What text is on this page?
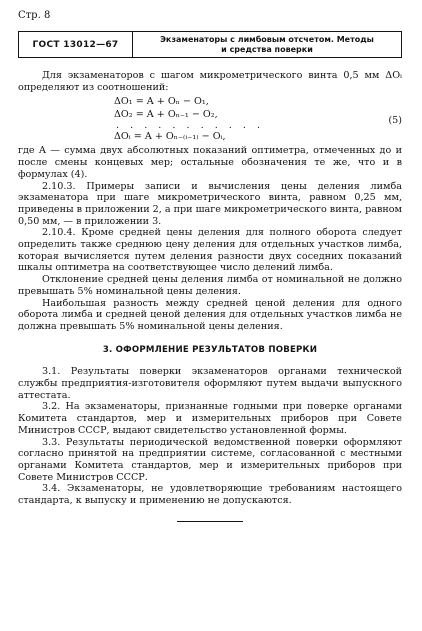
Стр. 8
ГОСТ 13012—67	Экзаменаторы с лимбовым отсчетом. Методы
и средства поверки

Для экзаменаторов с шагом микрометрического винта 0,5 мм ΔOᵢ определяют из соотношений:

ΔO₁ = A + Oₙ − O₁,
ΔO₂ = A + Oₙ₋₁ − O₂,
. . . . . . . . . . .
ΔOᵢ = A + Oₙ₋₍ᵢ₋₁₎ − Oᵢ,
(5)

где A — сумма двух абсолютных показаний оптиметра, отмеченных до и после смены концевых мер; остальные обозначения те же, что и в формулах (4).

2.10.3. Примеры записи и вычисления цены деления лимба экзаменатора при шаге микрометрического винта, равном 0,25 мм, приведены в приложении 2, а при шаге микрометрического винта, равном 0,50 мм, — в приложении 3.

2.10.4. Кроме средней цены деления для полного оборота следует определить также среднюю цену деления для отдельных участков лимба, которая вычисляется путем деления разности двух соседних показаний шкалы оптиметра на соответствующее число делений лимба.

Отклонение средней цены деления лимба от номинальной не должно превышать 5% номинальной цены деления.

Наибольшая разность между средней ценой деления для одного оборота лимба и средней ценой деления для отдельных участков лимба не должна превышать 5% номинальной цены деления.

3. ОФОРМЛЕНИЕ РЕЗУЛЬТАТОВ ПОВЕРКИ

3.1. Результаты поверки экзаменаторов органами технической службы предприятия-изготовителя оформляют путем выдачи выпускного аттестата.

3.2. На экзаменаторы, признанные годными при поверке органами Комитета стандартов, мер и измерительных приборов при Совете Министров СССР, выдают свидетельство установленной формы.

3.3. Результаты периодической ведомственной поверки оформляют согласно принятой на предприятии системе, согласованной с местными органами Комитета стандартов, мер и измерительных приборов при Совете Министров СССР.

3.4. Экзаменаторы, не удовлетворяющие требованиям настоящего стандарта, к выпуску и применению не допускаются.
